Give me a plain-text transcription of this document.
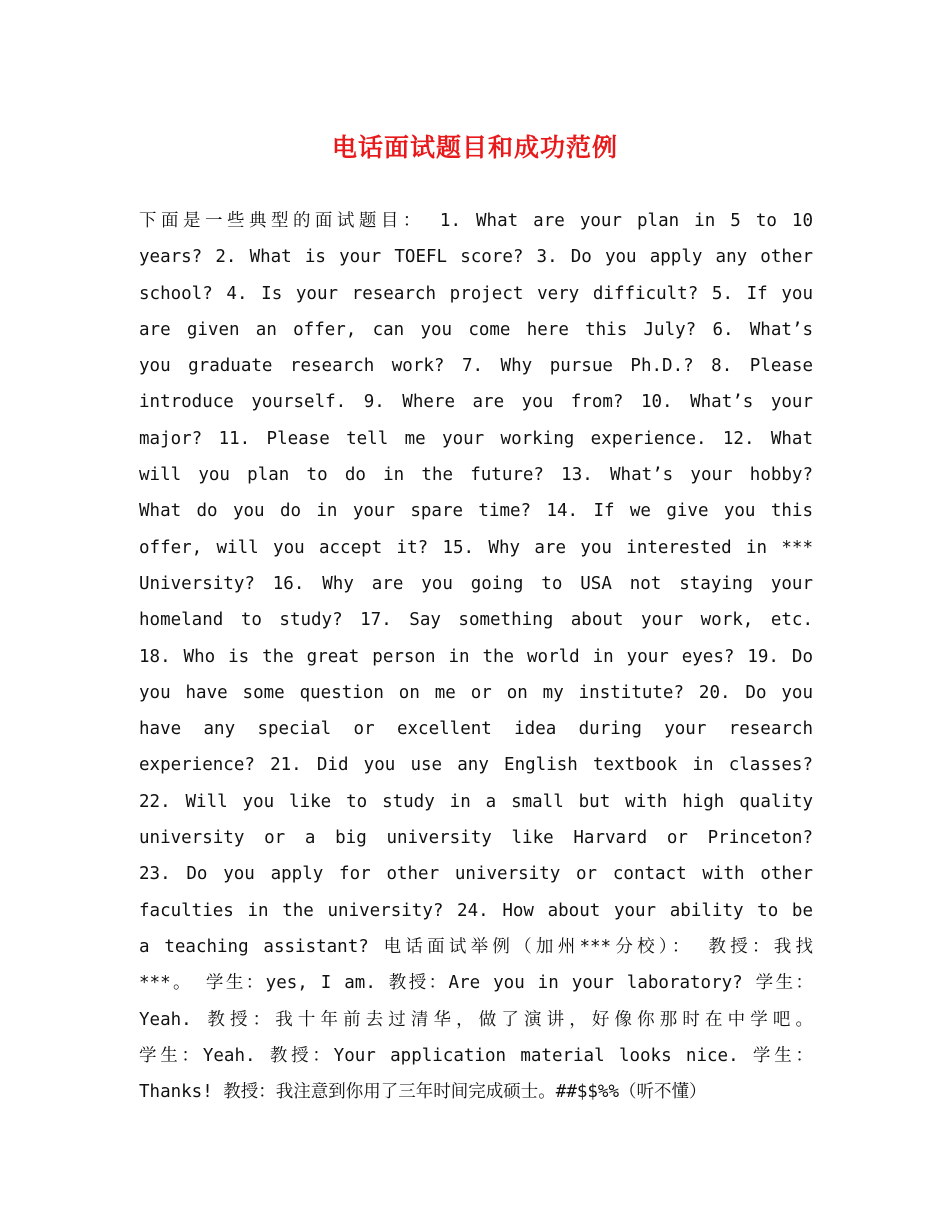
电话面试题目和成功范例
下面是一些典型的面试题目： 1. What are your plan in 5 to 10
years? 2. What is your TOEFL score? 3. Do you apply any other
school? 4. Is your research project very difficult? 5. If you
are given an offer, can you come here this July? 6. What’s
you graduate research work? 7. Why pursue Ph.D.? 8. Please
introduce yourself. 9. Where are you from? 10. What’s your
major? 11. Please tell me your working experience. 12. What
will you plan to do in the future? 13. What’s your hobby?
What do you do in your spare time? 14. If we give you this
offer, will you accept it? 15. Why are you interested in ***
University? 16. Why are you going to USA not staying your
homeland to study? 17. Say something about your work, etc.
18. Who is the great person in the world in your eyes? 19. Do
you have some question on me or on my institute? 20. Do you
have any special or excellent idea during your research
experience? 21. Did you use any English textbook in classes?
22. Will you like to study in a small but with high quality
university or a big university like Harvard or Princeton?
23. Do you apply for other university or contact with other
faculties in the university? 24. How about your ability to be
a teaching assistant? 电话面试举例（加州***分校）： 教授：我找
***。 学生：yes, I am. 教授：Are you in your laboratory? 学生：
Yeah. 教授：我十年前去过清华，做了演讲，好像你那时在中学吧。
学生：Yeah. 教授：Your application material looks nice. 学生：
Thanks! 教授：我注意到你用了三年时间完成硕士。##$$%%（听不懂）
